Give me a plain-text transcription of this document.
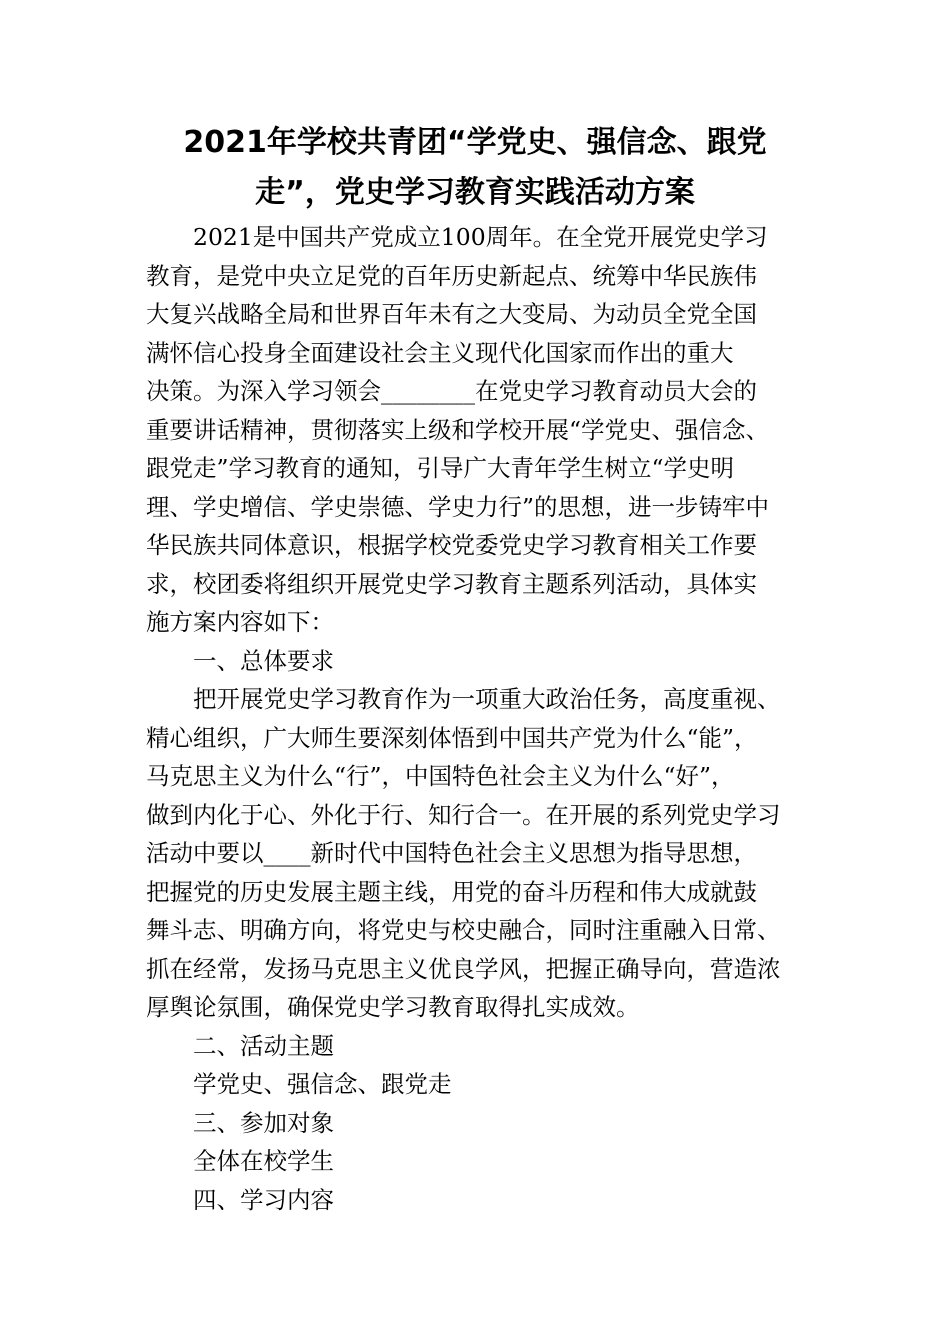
2021年学校共青团“学党史、强信念、跟党
走”，党史学习教育实践活动方案
2021是中国共产党成立100周年。在全党开展党史学习
教育，是党中央立足党的百年历史新起点、统筹中华民族伟
大复兴战略全局和世界百年未有之大变局、为动员全党全国
满怀信心投身全面建设社会主义现代化国家而作出的重大
决策。为深入学习领会________在党史学习教育动员大会的
重要讲话精神，贯彻落实上级和学校开展“学党史、强信念、
跟党走”学习教育的通知，引导广大青年学生树立“学史明
理、学史增信、学史崇德、学史力行”的思想，进一步铸牢中
华民族共同体意识，根据学校党委党史学习教育相关工作要
求，校团委将组织开展党史学习教育主题系列活动，具体实
施方案内容如下：
一、总体要求
把开展党史学习教育作为一项重大政治任务，高度重视、
精心组织，广大师生要深刻体悟到中国共产党为什么“能”，
马克思主义为什么“行”，中国特色社会主义为什么“好”，
做到内化于心、外化于行、知行合一。在开展的系列党史学习
活动中要以____新时代中国特色社会主义思想为指导思想，
把握党的历史发展主题主线，用党的奋斗历程和伟大成就鼓
舞斗志、明确方向，将党史与校史融合，同时注重融入日常、
抓在经常，发扬马克思主义优良学风，把握正确导向，营造浓
厚舆论氛围，确保党史学习教育取得扎实成效。
二、活动主题
学党史、强信念、跟党走
三、参加对象
全体在校学生
四、学习内容
